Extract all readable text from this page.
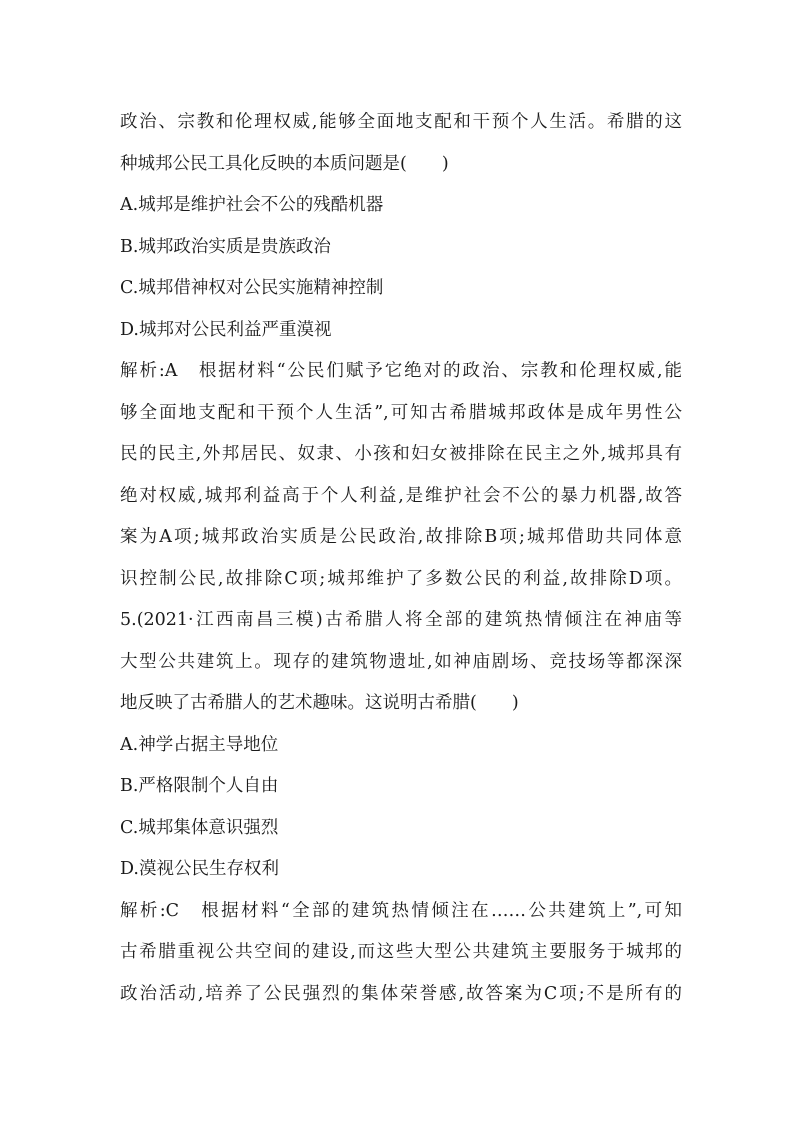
政治、宗教和伦理权威,能够全面地支配和干预个人生活。希腊的这
种城邦公民工具化反映的本质问题是(　　)
A.城邦是维护社会不公的残酷机器
B.城邦政治实质是贵族政治
C.城邦借神权对公民实施精神控制
D.城邦对公民利益严重漠视
解析:A　根据材料“公民们赋予它绝对的政治、宗教和伦理权威,能
够全面地支配和干预个人生活”,可知古希腊城邦政体是成年男性公
民的民主,外邦居民、奴隶、小孩和妇女被排除在民主之外,城邦具有
绝对权威,城邦利益高于个人利益,是维护社会不公的暴力机器,故答
案为A项;城邦政治实质是公民政治,故排除B项;城邦借助共同体意
识控制公民,故排除C项;城邦维护了多数公民的利益,故排除D项。
5.(2021·江西南昌三模)古希腊人将全部的建筑热情倾注在神庙等
大型公共建筑上。现存的建筑物遗址,如神庙剧场、竞技场等都深深
地反映了古希腊人的艺术趣味。这说明古希腊(　　)
A.神学占据主导地位
B.严格限制个人自由
C.城邦集体意识强烈
D.漠视公民生存权利
解析:C　根据材料“全部的建筑热情倾注在……公共建筑上”,可知
古希腊重视公共空间的建设,而这些大型公共建筑主要服务于城邦的
政治活动,培养了公民强烈的集体荣誉感,故答案为C项;不是所有的
